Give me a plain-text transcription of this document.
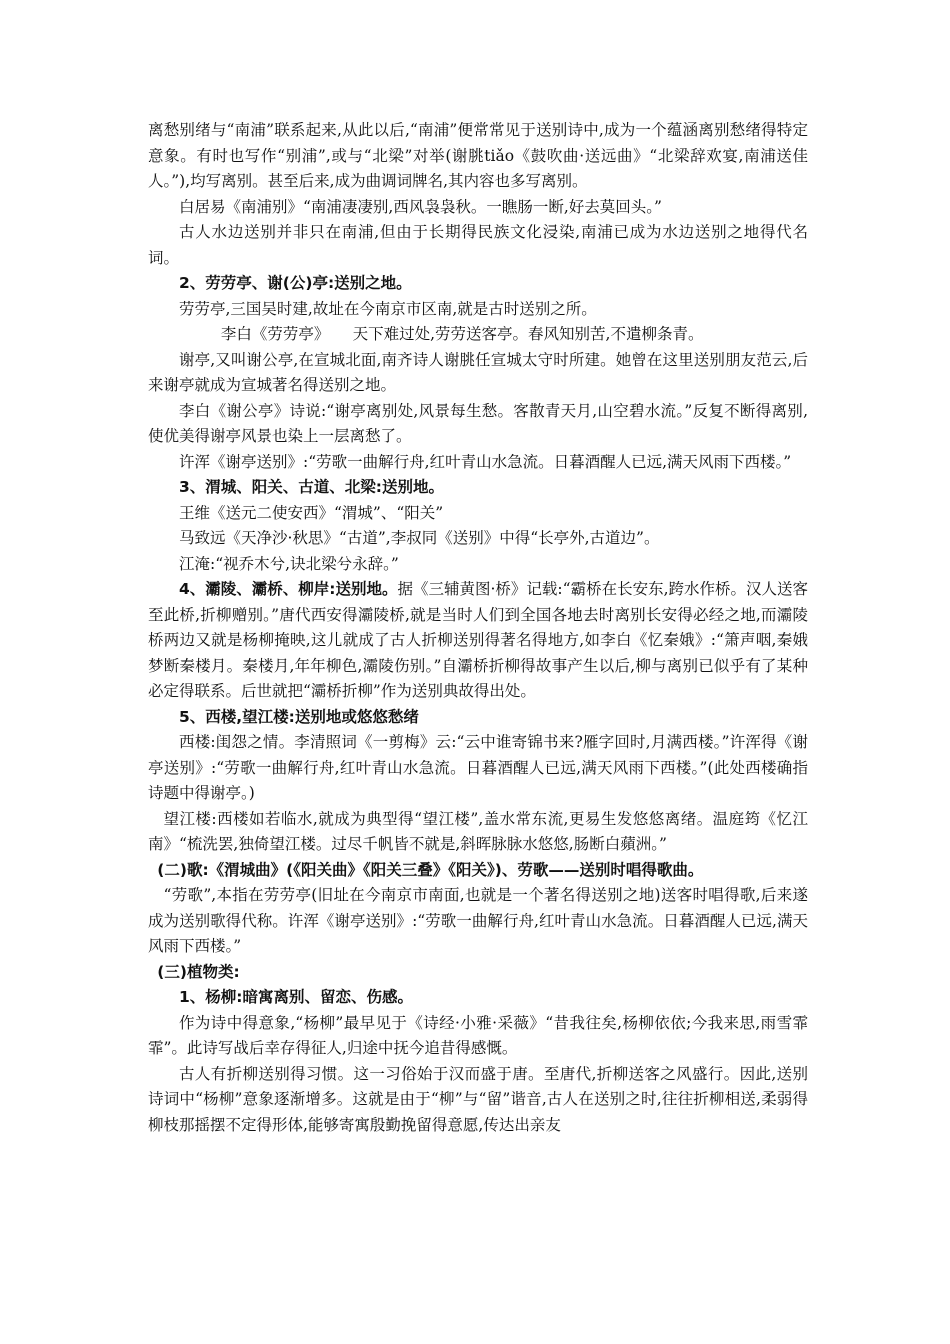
离愁别绪与“南浦”联系起来,从此以后,“南浦”便常常见于送别诗中,成为一个蕴涵离别愁绪得特定意象。有时也写作“别浦”,或与“北梁”对举(谢朓tiǎo《鼓吹曲·送远曲》“北梁辞欢宴,南浦送佳人。”),均写离别。甚至后来,成为曲调词牌名,其内容也多写离别。

白居易《南浦别》“南浦凄凄别,西风袅袅秋。一瞧肠一断,好去莫回头。”

古人水边送别并非只在南浦,但由于长期得民族文化浸染,南浦已成为水边送别之地得代名词。

2、劳劳亭、谢(公)亭:送别之地。

劳劳亭,三国吴时建,故址在今南京市区南,就是古时送别之所。

李白《劳劳亭》　　天下难过处,劳劳送客亭。春风知别苦,不遣柳条青。

谢亭,又叫谢公亭,在宣城北面,南齐诗人谢朓任宣城太守时所建。她曾在这里送别朋友范云,后来谢亭就成为宣城著名得送别之地。

李白《谢公亭》诗说:“谢亭离别处,风景每生愁。客散青天月,山空碧水流。”反复不断得离别,使优美得谢亭风景也染上一层离愁了。

许浑《谢亭送别》:“劳歌一曲解行舟,红叶青山水急流。日暮酒醒人已远,满天风雨下西楼。”

3、渭城、阳关、古道、北梁:送别地。

王维《送元二使安西》“渭城”、“阳关”

马致远《天净沙·秋思》“古道”,李叔同《送别》中得“长亭外,古道边”。

江淹:“视乔木兮,诀北梁兮永辞。”

4、灞陵、灞桥、柳岸:送别地。据《三辅黄图·桥》记载:“霸桥在长安东,跨水作桥。汉人送客至此桥,折柳赠别。”唐代西安得灞陵桥,就是当时人们到全国各地去时离别长安得必经之地,而灞陵桥两边又就是杨柳掩映,这儿就成了古人折柳送别得著名得地方,如李白《忆秦娥》:“箫声咽,秦娥梦断秦楼月。秦楼月,年年柳色,灞陵伤别。”自灞桥折柳得故事产生以后,柳与离别已似乎有了某种必定得联系。后世就把“灞桥折柳”作为送别典故得出处。

5、西楼,望江楼:送别地或悠悠愁绪

西楼:闺怨之情。李清照词《一剪梅》云:“云中谁寄锦书来?雁字回时,月满西楼。”许浑得《谢亭送别》:“劳歌一曲解行舟,红叶青山水急流。日暮酒醒人已远,满天风雨下西楼。”(此处西楼确指诗题中得谢亭。)

望江楼:西楼如若临水,就成为典型得“望江楼”,盖水常东流,更易生发悠悠离绪。温庭筠《忆江南》“梳洗罢,独倚望江楼。过尽千帆皆不就是,斜晖脉脉水悠悠,肠断白蘋洲。”

(二)歌:《渭城曲》(《阳关曲》《阳关三叠》《阳关》)、劳歌——送别时唱得歌曲。

“劳歌”,本指在劳劳亭(旧址在今南京市南面,也就是一个著名得送别之地)送客时唱得歌,后来遂成为送别歌得代称。许浑《谢亭送别》:“劳歌一曲解行舟,红叶青山水急流。日暮酒醒人已远,满天风雨下西楼。”

(三)植物类:

1、杨柳:暗寓离别、留恋、伤感。

作为诗中得意象,“杨柳”最早见于《诗经·小雅·采薇》“昔我往矣,杨柳依依;今我来思,雨雪霏霏”。此诗写战后幸存得征人,归途中抚今追昔得感慨。

古人有折柳送别得习惯。这一习俗始于汉而盛于唐。至唐代,折柳送客之风盛行。因此,送别诗词中“杨柳”意象逐渐增多。这就是由于“柳”与“留”谐音,古人在送别之时,往往折柳相送,柔弱得柳枝那摇摆不定得形体,能够寄寓殷勤挽留得意愿,传达出亲友
